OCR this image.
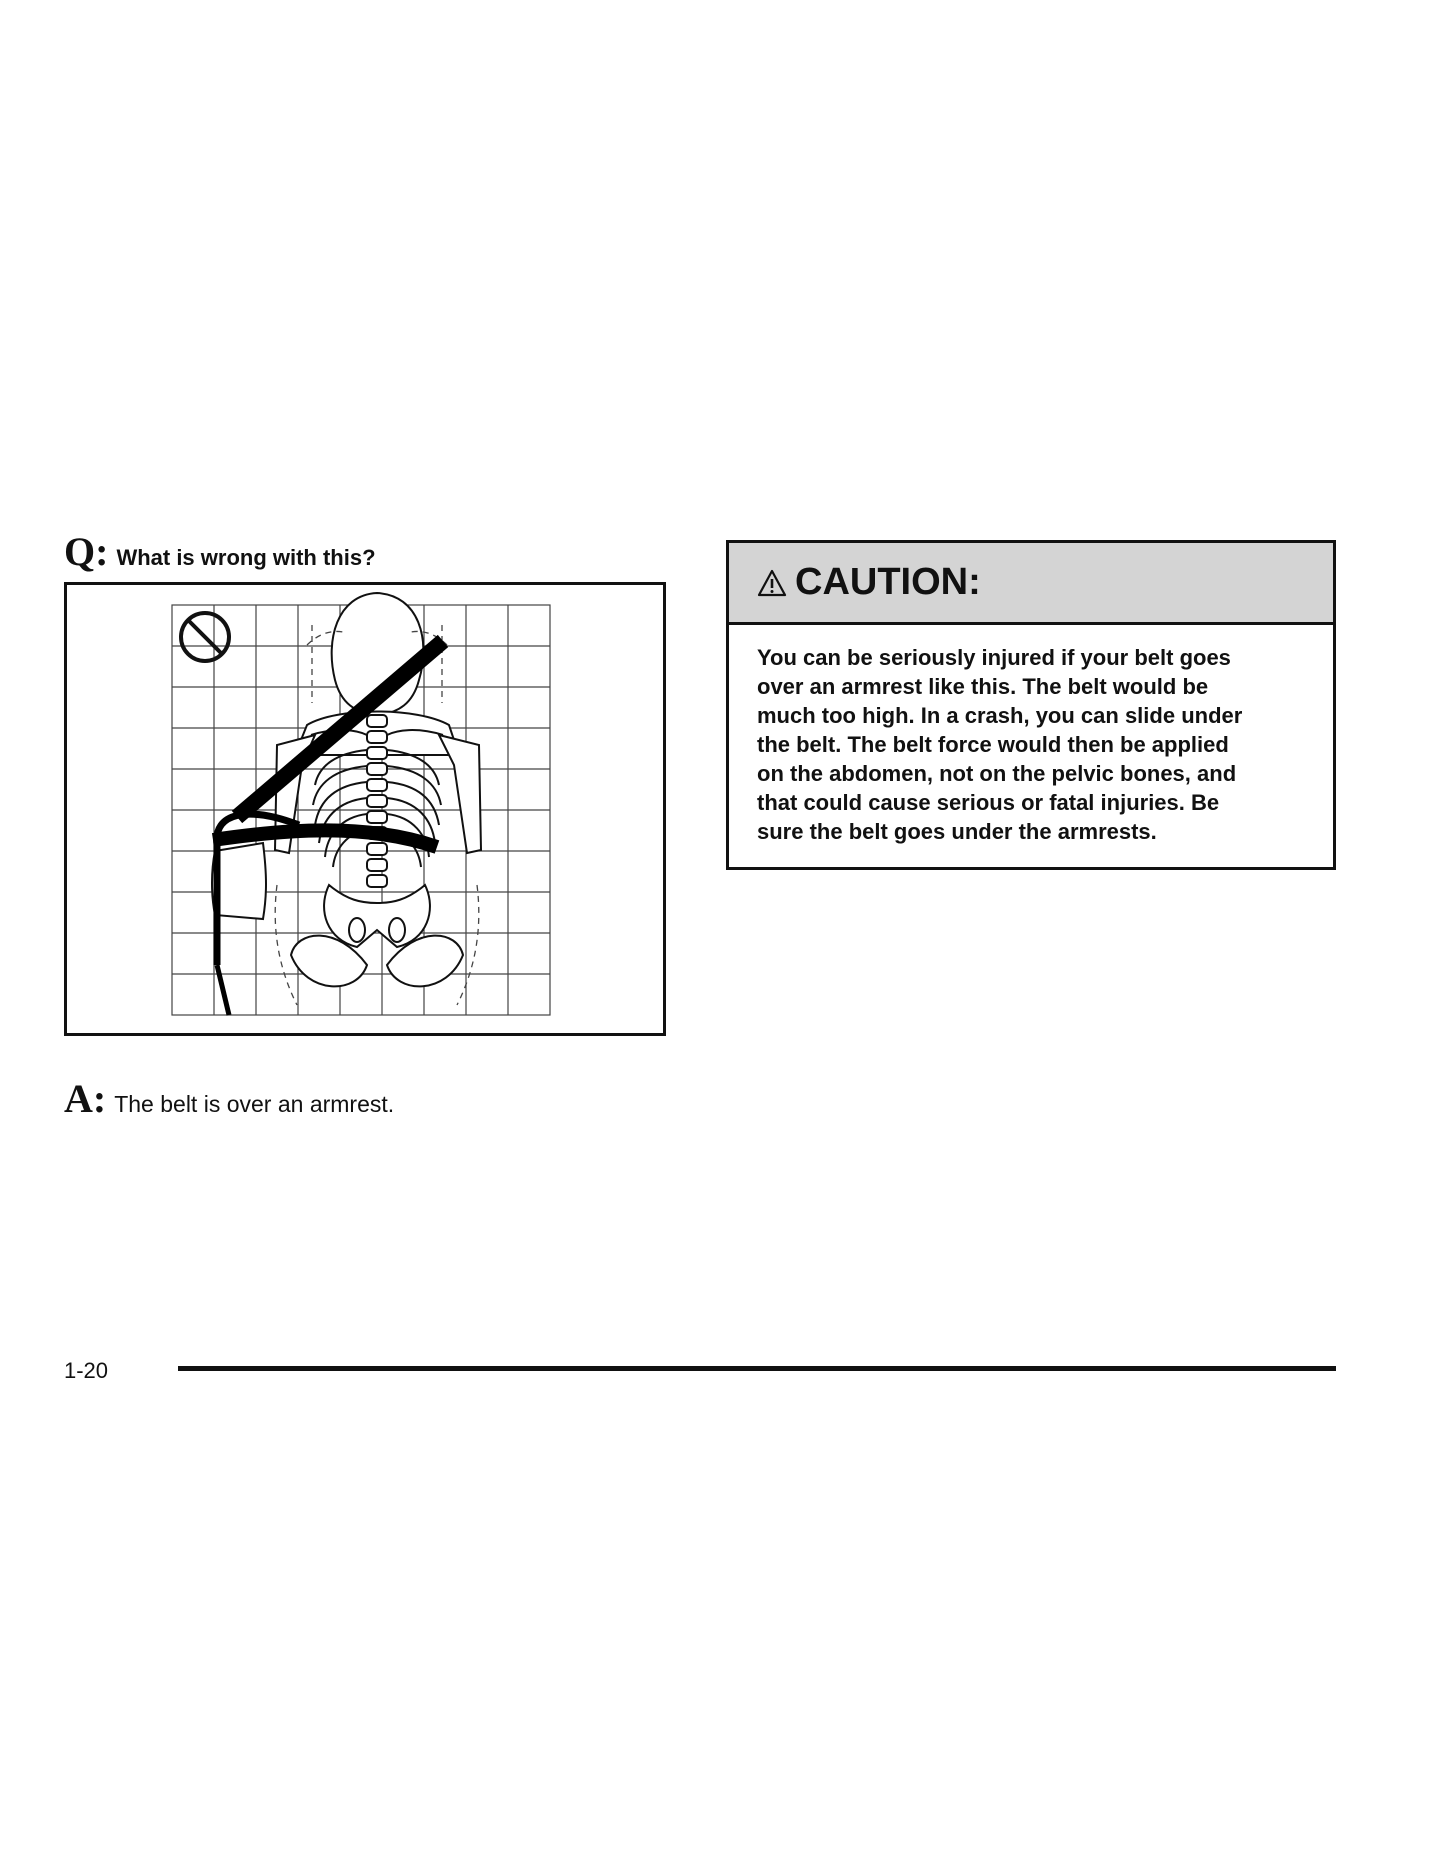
Q: What is wrong with this?
A: The belt is over an armrest.
CAUTION:
You can be seriously injured if your belt goes
over an armrest like this. The belt would be
much too high. In a crash, you can slide under
the belt. The belt force would then be applied
on the abdomen, not on the pelvic bones, and
that could cause serious or fatal injuries. Be
sure the belt goes under the armrests.
1-20
